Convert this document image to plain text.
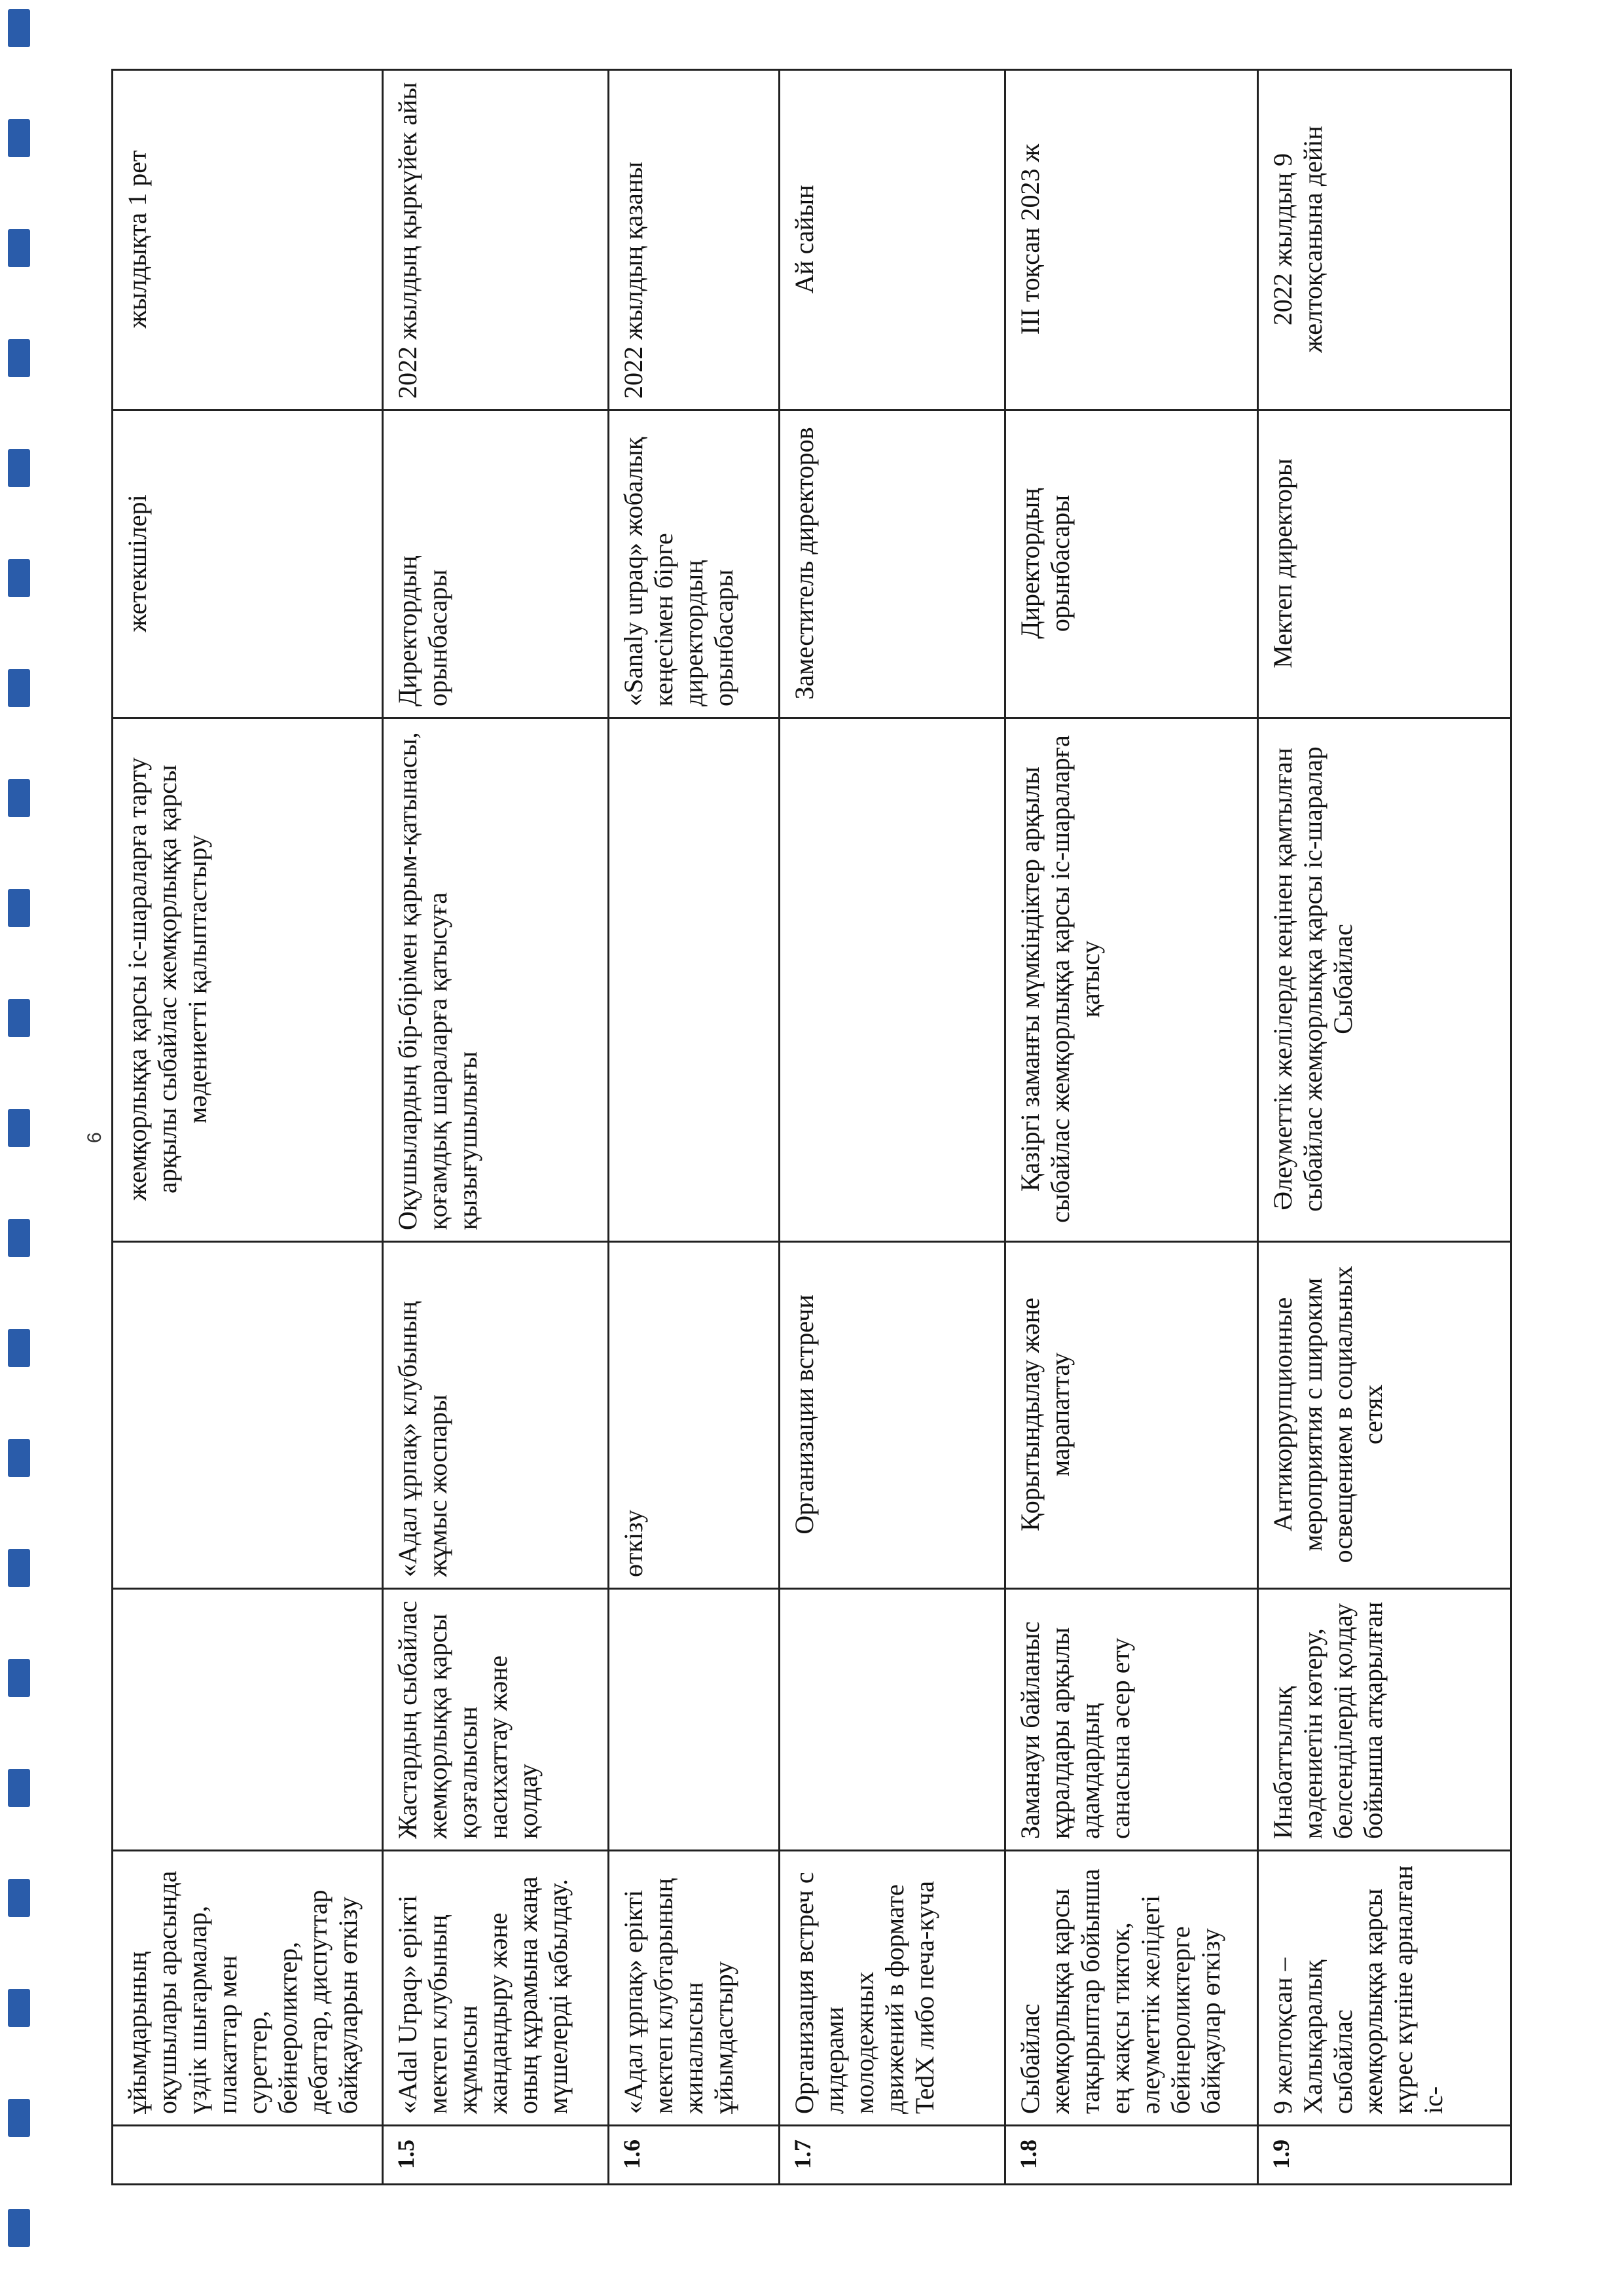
6
	ұйымдарының оқушылары арасында үздік шығармалар, плакаттар мен суреттер, бейнероликтер, дебаттар, диспуттар байқауларын өткізу			жемқорлыққа қарсы іс-шараларға тарту арқылы сыбайлас жемқорлыққа қарсы мәдениетті қалыптастыру	жетекшілері	жылдықта 1 рет
1.5	«Adal Urpaq» ерікті мектеп клубының жұмысын жандандыру және оның құрамына жаңа мүшелерді қабылдау.	Жастардың сыбайлас жемқорлыққа қарсы қозғалысын насихаттау және қолдау	«Адал ұрпақ» клубының жұмыс жоспары	Оқушылардың бір-бірімен қарым-қатынасы, қоғамдық шараларға қатысуға қызығушылығы	Директордың орынбасары	2022 жылдың қыркүйек айы
1.6	«Адал ұрпақ» ерікті мектеп клубтарының жиналысын ұйымдастыру		өткізу		«Sanaly urpaq» жобалық кеңесімен бірге директордың орынбасары	2022 жылдың қазаны
1.7	Организация встреч с лидерами молодежных движений в формате TedX либо печа-куча		Организации встречи		Заместитель директоров	Ай сайын
1.8	Сыбайлас жемқорлыққа қарсы тақырыптар бойынша ең жақсы тикток, әлеуметтік желідегі бейнероликтерге байқаулар өткізу	Заманауи байланыс құралдары арқылы адамдардың санасына әсер ету	Қорытындылау және марапаттау	Қазіргі заманғы мүмкіндіктер арқылы сыбайлас жемқорлыққа қарсы іс-шараларға қатысу	Директордың орынбасары	ІІІ тоқсан 2023 ж
1.9	9 желтоқсан – Халықаралық сыбайлас жемқорлыққа қарсы күрес күніне арналған іс-	Инабаттылық мәдениетін көтеру, белсенділерді қолдау бойынша атқарылған	Антикоррупционные мероприятия с широким освещением в социальных сетях	Әлеуметтік желілерде кеңінен қамтылған сыбайлас жемқорлыққа қарсы іс-шаралар Сыбайлас	Мектеп директоры	2022 жылдың 9 желтоқсанына дейін
